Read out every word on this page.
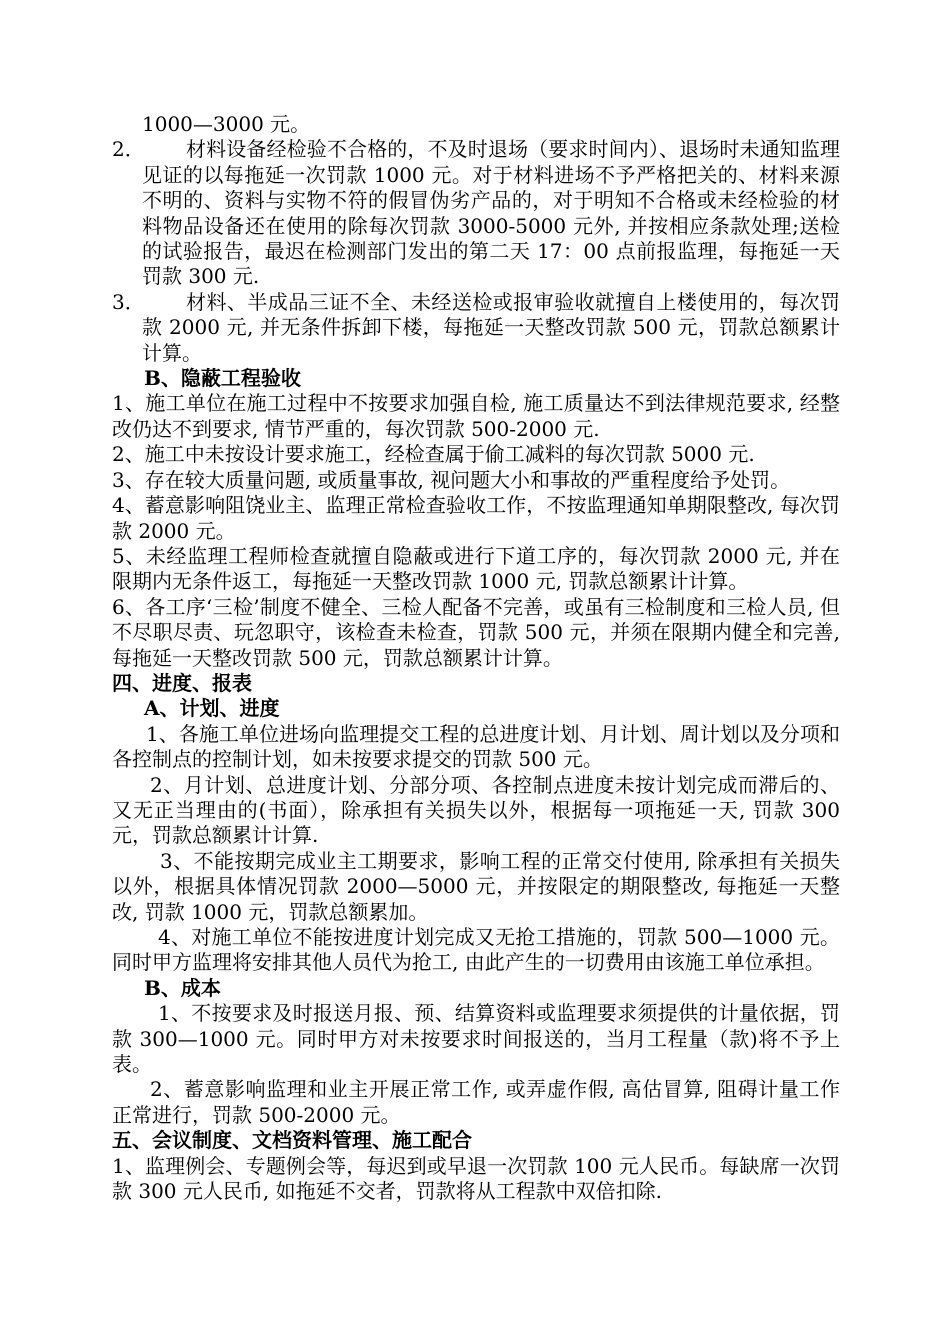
1000—3000 元。

2． 材料设备经检验不合格的，不及时退场（要求时间内）、退场时未通知监理见证的以每拖延一次罚款 1000 元。对于材料进场不予严格把关的、材料来源不明的、资料与实物不符的假冒伪劣产品的，对于明知不合格或未经检验的材料物品设备还在使用的除每次罚款 3000-5000 元外, 并按相应条款处理;送检的试验报告，最迟在检测部门发出的第二天 17：00 点前报监理，每拖延一天罚款 300 元.
3． 材料、半成品三证不全、未经送检或报审验收就擅自上楼使用的，每次罚款 2000 元, 并无条件拆卸下楼，每拖延一天整改罚款 500 元，罚款总额累计计算。

B、隐蔽工程验收

1、施工单位在施工过程中不按要求加强自检, 施工质量达不到法律规范要求, 经整改仍达不到要求, 情节严重的，每次罚款 500-2000 元.

2、施工中未按设计要求施工，经检查属于偷工减料的每次罚款 5000 元.

3、存在较大质量问题, 或质量事故, 视问题大小和事故的严重程度给予处罚。

4、蓄意影响阻饶业主、监理正常检查验收工作，不按监理通知单期限整改, 每次罚款 2000 元。

5、未经监理工程师检查就擅自隐蔽或进行下道工序的，每次罚款 2000 元, 并在限期内无条件返工，每拖延一天整改罚款 1000 元, 罚款总额累计计算。

6、各工序‘三检’制度不健全、三检人配备不完善，或虽有三检制度和三检人员, 但不尽职尽责、玩忽职守，该检查未检查，罚款 500 元，并须在限期内健全和完善, 每拖延一天整改罚款 500 元，罚款总额累计计算。

四、进度、报表

A、计划、进度

1、各施工单位进场向监理提交工程的总进度计划、月计划、周计划以及分项和各控制点的控制计划，如未按要求提交的罚款 500 元。

2、月计划、总进度计划、分部分项、各控制点进度未按计划完成而滞后的、又无正当理由的(书面），除承担有关损失以外，根据每一项拖延一天, 罚款 300 元，罚款总额累计计算.

3、不能按期完成业主工期要求，影响工程的正常交付使用, 除承担有关损失以外，根据具体情况罚款 2000—5000 元，并按限定的期限整改, 每拖延一天整改, 罚款 1000 元，罚款总额累加。

4、对施工单位不能按进度计划完成又无抢工措施的，罚款 500—1000 元。同时甲方监理将安排其他人员代为抢工, 由此产生的一切费用由该施工单位承担。

B、成本

1、不按要求及时报送月报、预、结算资料或监理要求须提供的计量依据，罚款 300—1000 元。同时甲方对未按要求时间报送的，当月工程量（款)将不予上表。

2、蓄意影响监理和业主开展正常工作, 或弄虚作假, 高估冒算, 阻碍计量工作正常进行，罚款 500-2000 元。

五、会议制度、文档资料管理、施工配合

1、监理例会、专题例会等，每迟到或早退一次罚款 100 元人民币。每缺席一次罚款 300 元人民币, 如拖延不交者，罚款将从工程款中双倍扣除.
